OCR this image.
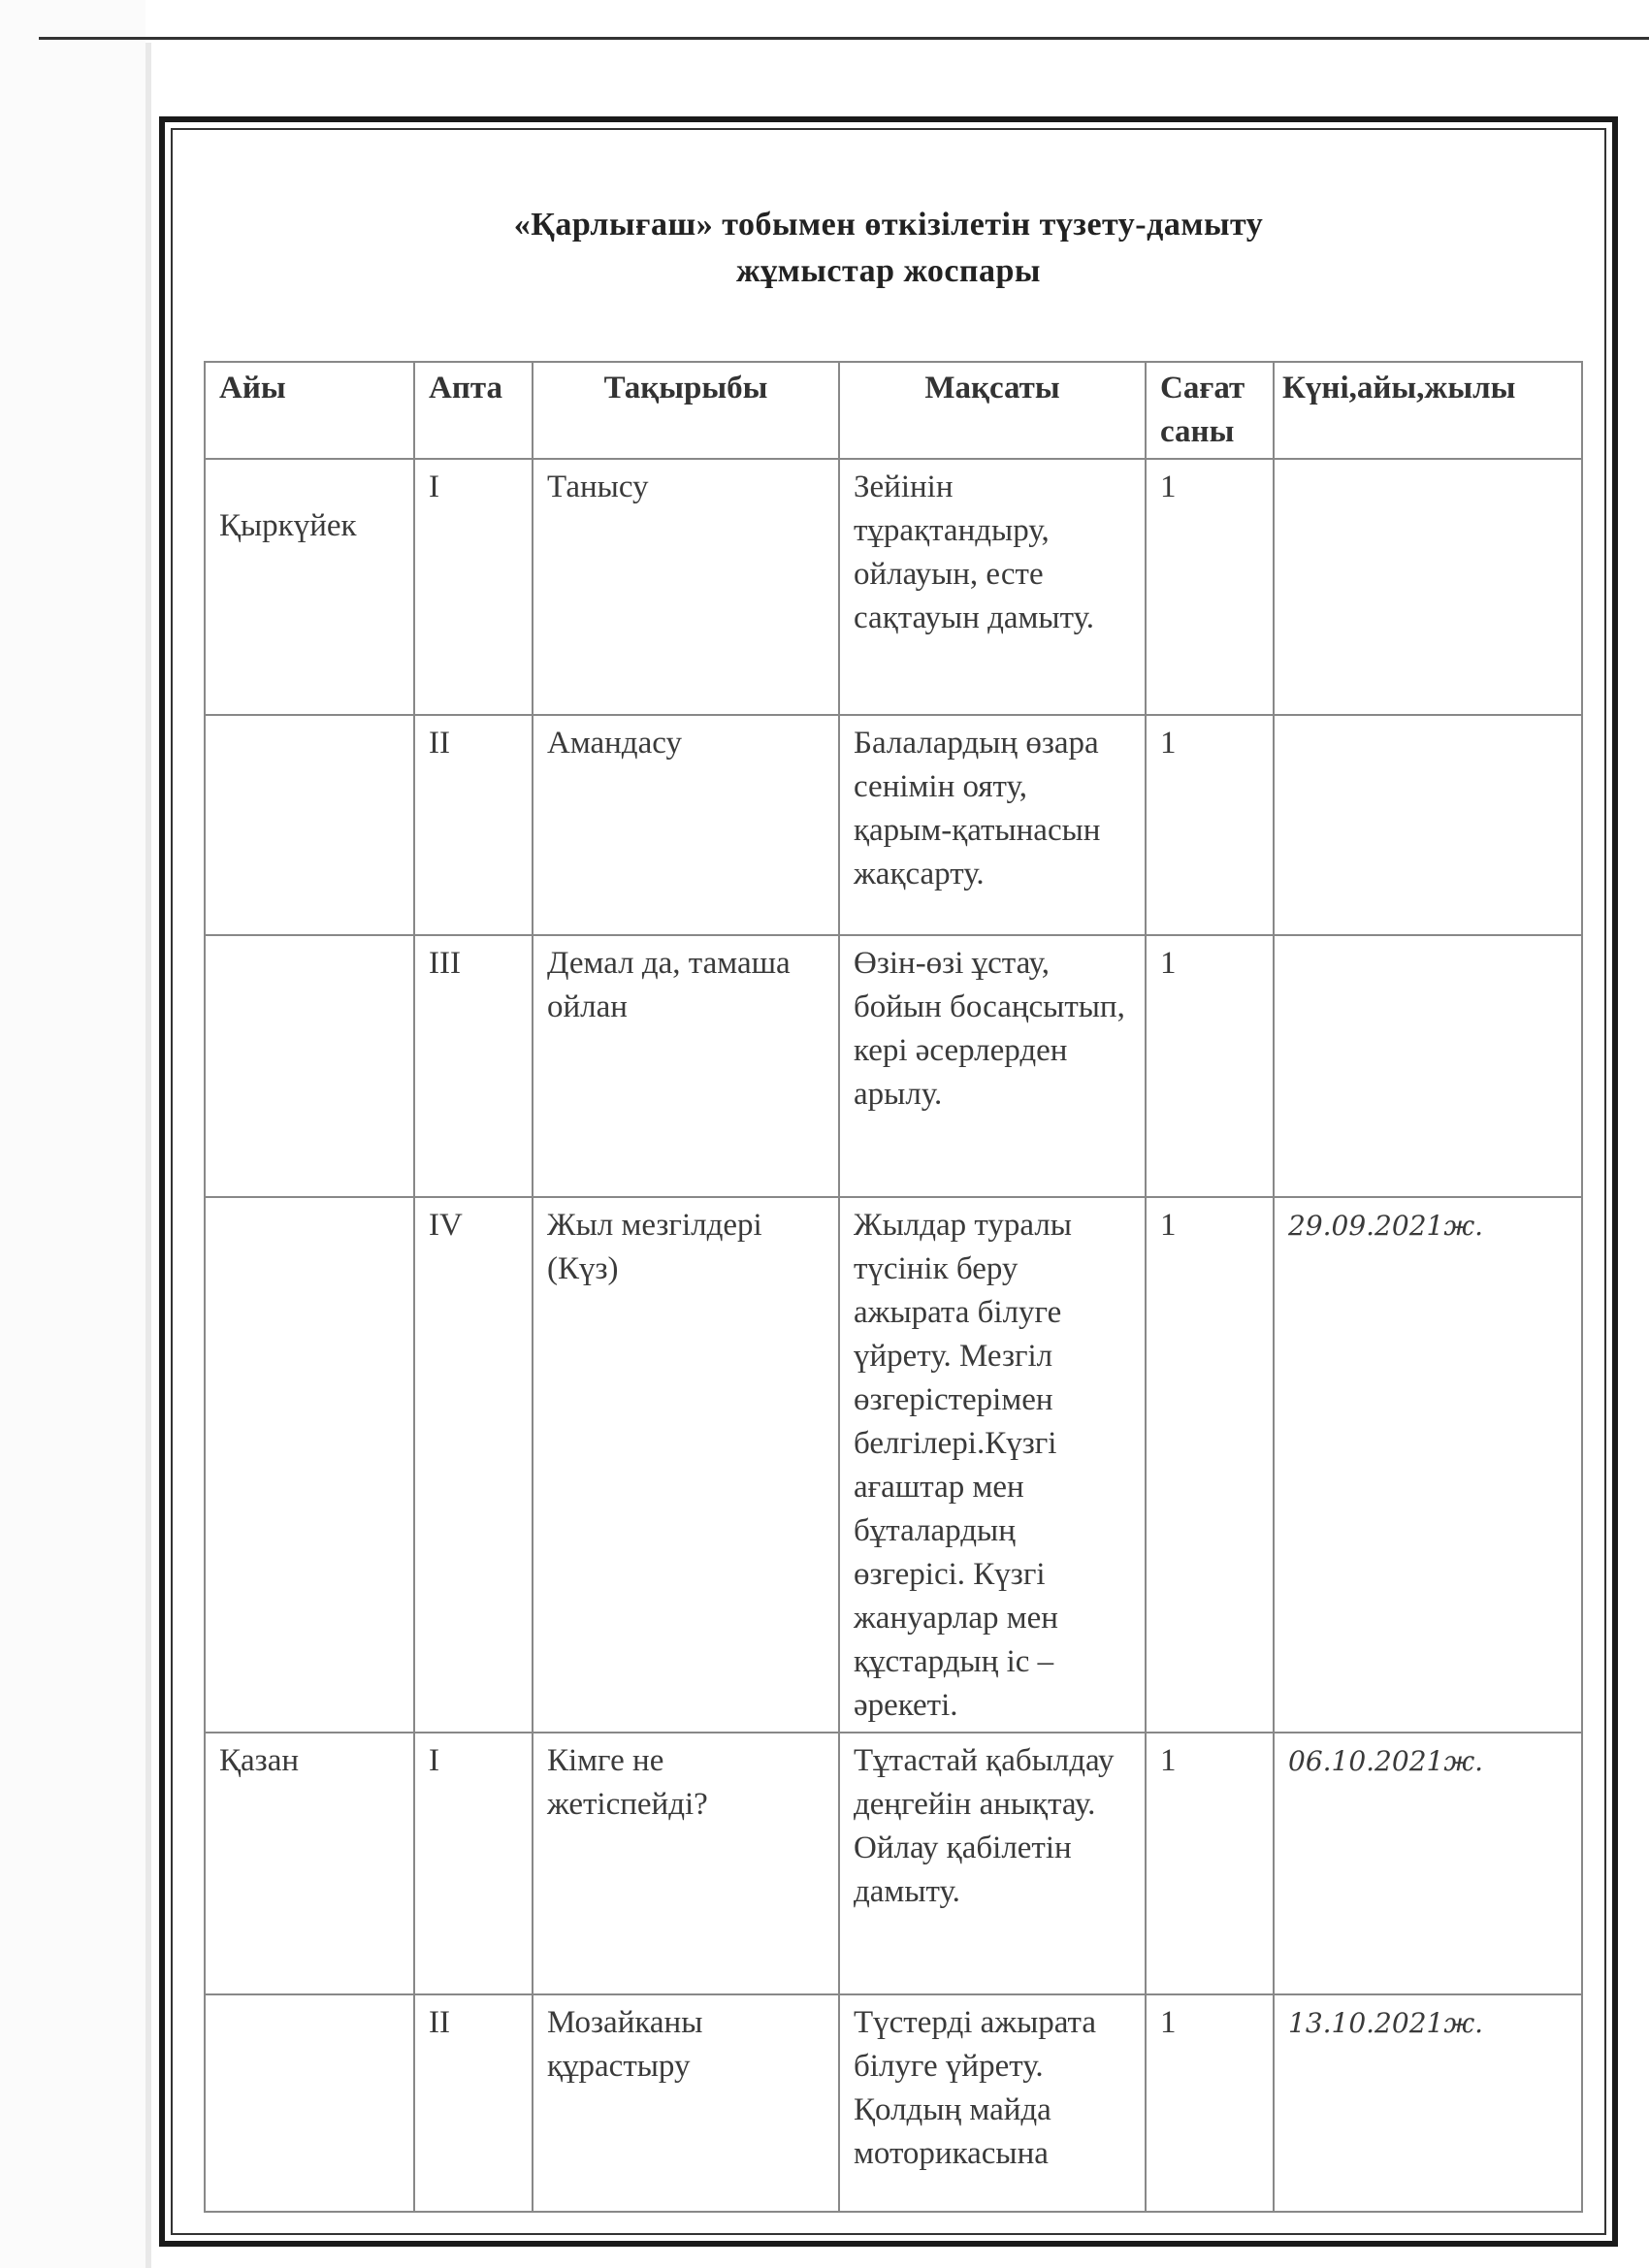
«Қарлығаш» тобымен өткізілетін түзету-дамыту
жұмыстар жоспары
Айы	Апта	Тақырыбы	Мақсаты	Сағат саны	Күні,айы,жылы
Қыркүйек	I	Танысу	Зейінін тұрақтандыру, ойлауын, есте сақтауын дамыту.	1	
	II	Амандасу	Балалардың өзара сенімін ояту, қарым-қатынасын жақсарту.	1	
	III	Демал да, тамаша ойлан	Өзін-өзі ұстау, бойын босаңсытып, кері әсерлерден арылу.	1	
	IV	Жыл мезгілдері (Күз)	Жылдар туралы түсінік беру ажырата білуге үйрету. Мезгіл өзгерістерімен белгілері.Күзгі ағаштар мен бұталардың өзгерісі. Күзгі жануарлар мен құстардың іс – әрекеті.	1	29.09.2021ж.
Қазан	I	Кімге не жетіспейді?	Тұтастай қабылдау деңгейін анықтау. Ойлау қабілетін дамыту.	1	06.10.2021ж.
	II	Мозайканы құрастыру	Түстерді ажырата білуге үйрету. Қолдың майда моторикасына	1	13.10.2021ж.
